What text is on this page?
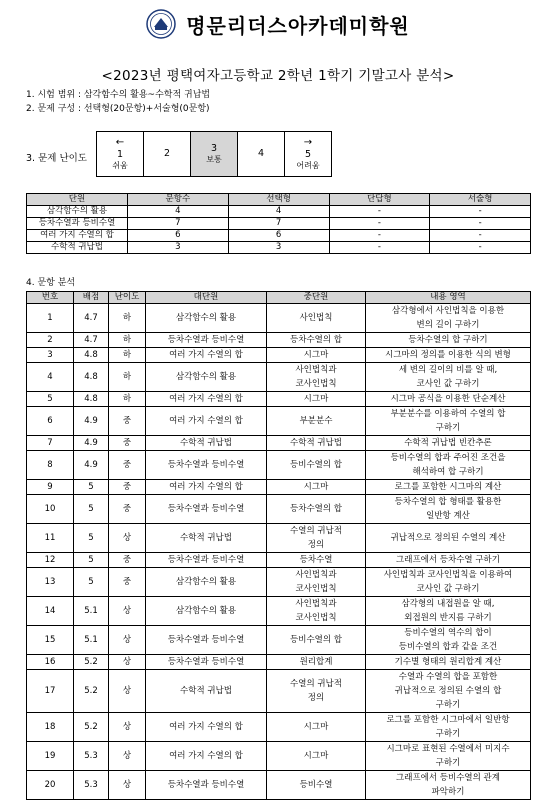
명문리더스아카데미학원
<2023년 평택여자고등학교 2학년 1학기 기말고사 분석>
1. 시험 범위 : 삼각함수의 활용~수학적 귀납법
2. 문제 구성 : 선택형(20문항)+서술형(0문항)
3. 문제 난이도
←
1
쉬움
	2	3
보통
	4	
→
5
어려움
단원	문항수	선택형	단답형	서술형
삼각함수의 활용	4	4	-	-
등차수열과 등비수열	7	7	-	-
여러 가지 수열의 합	6	6	-	-
수학적 귀납법	3	3	-	-
4. 문항 분석
번호	배점	난이도	대단원	중단원	내용 영역
1	4.7	하	삼각함수의 활용	사인법칙	삼각형에서 사인법칙을 이용한
변의 길이 구하기
2	4.7	하	등차수열과 등비수열	등차수열의 합	등차수열의 합 구하기
3	4.8	하	여러 가지 수열의 합	시그마	시그마의 정의를 이용한 식의 변형
4	4.8	하	삼각함수의 활용	사인법칙과
코사인법칙	세 변의 길이의 비를 알 때,
코사인 값 구하기
5	4.8	하	여러 가지 수열의 합	시그마	시그마 공식을 이용한 단순계산
6	4.9	중	여러 가지 수열의 합	부분분수	부분분수를 이용하여 수열의 합
구하기
7	4.9	중	수학적 귀납법	수학적 귀납법	수학적 귀납법 빈칸추론
8	4.9	중	등차수열과 등비수열	등비수열의 합	등비수열의 합과 주어진 조건을
해석하여 합 구하기
9	5	중	여러 가지 수열의 합	시그마	로그를 포함한 시그마의 계산
10	5	중	등차수열과 등비수열	등차수열의 합	등차수열의 합 형태를 활용한
일반항 계산
11	5	상	수학적 귀납법	수열의 귀납적
정의	귀납적으로 정의된 수열의 계산
12	5	중	등차수열과 등비수열	등차수열	그래프에서 등차수열 구하기
13	5	중	삼각함수의 활용	사인법칙과
코사인법칙	사인법칙과 코사인법칙을 이용하여
코사인 값 구하기
14	5.1	상	삼각함수의 활용	사인법칙과
코사인법칙	삼각형의 내접원을 알 때,
외접원의 반지름 구하기
15	5.1	상	등차수열과 등비수열	등비수열의 합	등비수열의 역수의 합이
등비수열의 합과 같을 조건
16	5.2	상	등차수열과 등비수열	원리합계	기수별 형태의 원리합계 계산
17	5.2	상	수학적 귀납법	수열의 귀납적
정의	수열과 수열의 합을 포함한
귀납적으로 정의된 수열의 합
구하기
18	5.2	상	여러 가지 수열의 합	시그마	로그를 포함한 시그마에서 일반항
구하기
19	5.3	상	여러 가지 수열의 합	시그마	시그마로 표현된 수열에서 미지수
구하기
20	5.3	상	등차수열과 등비수열	등비수열	그래프에서 등비수열의 관계
파악하기
